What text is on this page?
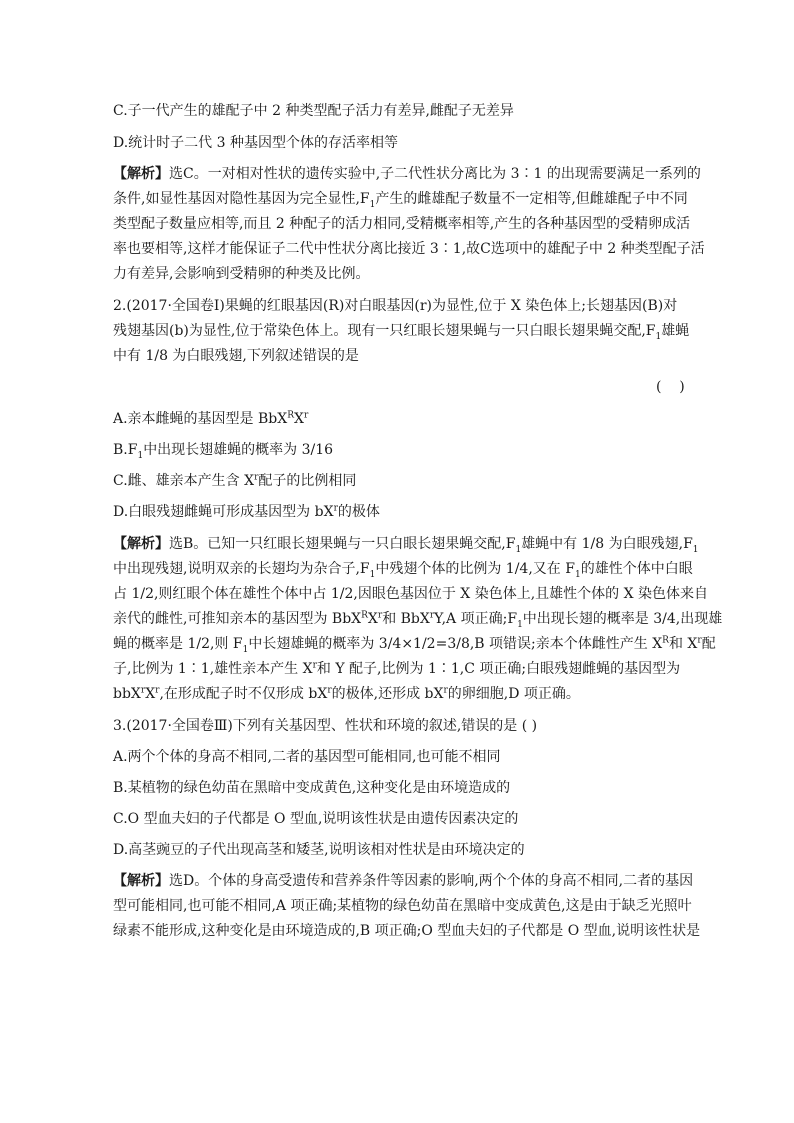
C.子一代产生的雄配子中 2 种类型配子活力有差异,雌配子无差异
D.统计时子二代 3 种基因型个体的存活率相等
【解析】选C。一对相对性状的遗传实验中,子二代性状分离比为 3∶1 的出现需要满足一系列的
条件,如显性基因对隐性基因为完全显性$,F_1$产生的雌雄配子数量不一定相等,但雌雄配子中不同
类型配子数量应相等,而且 2 种配子的活力相同,受精概率相等,产生的各种基因型的受精卵成活
率也要相等,这样才能保证子二代中性状分离比接近 3∶1,故C选项中的雄配子中 2 种类型配子活
力有差异,会影响到受精卵的种类及比例。
2.(2017·全国卷Ⅰ)果蝇的红眼基因(R)对白眼基因(r)为显性,位于 X 染色体上;长翅基因(B)对
残翅基因(b)为显性,位于常染色体上。现有一只红眼长翅果蝇与一只白眼长翅果蝇交配$,F_1$雄蝇
中有 1/8 为白眼残翅,下列叙述错误的是
(    )
A.亲本雌蝇的基因型是 $BbX^RX^r$
$B.F_1$中出现长翅雄蝇的概率为 3/16
C.雌、雄亲本产生含 $X^r$配子的比例相同
D.白眼残翅雌蝇可形成基因型为 $bX^r$的极体
【解析】选B。已知一只红眼长翅果蝇与一只白眼长翅果蝇交配$,F_1$雄蝇中有 1/8 为白眼残翅$,F_1$
中出现残翅,说明双亲的长翅均为杂合子$,F_1$中残翅个体的比例为 1/4,又在 $F_1$的雄性个体中白眼
占 1/2,则红眼个体在雄性个体中占 1/2,因眼色基因位于 X 染色体上,且雄性个体的 X 染色体来自
亲代的雌性,可推知亲本的基因型为 $BbX^RX^r$和 BbX$^r$Y,A 项正确$;F_1$中出现长翅的概率是 3/4,出现雄
蝇的概率是 1/2,则 $F_1$中长翅雄蝇的概率为 3/4×1/2=3/8,B 项错误;亲本个体雌性产生 $X^R$和 $X^r$配
子,比例为 1∶1,雄性亲本产生 $X^r$和 Y 配子,比例为 1∶1,C 项正确;白眼残翅雌蝇的基因型为
$bbX^rX^r$,在形成配子时不仅形成 $bX^r$的极体,还形成 $bX^r$的卵细胞,D 项正确。
3.(2017·全国卷Ⅲ)下列有关基因型、性状和环境的叙述,错误的是 ( )
A.两个个体的身高不相同,二者的基因型可能相同,也可能不相同
B.某植物的绿色幼苗在黑暗中变成黄色,这种变化是由环境造成的
C.O 型血夫妇的子代都是 O 型血,说明该性状是由遗传因素决定的
D.高茎豌豆的子代出现高茎和矮茎,说明该相对性状是由环境决定的
【解析】选D。个体的身高受遗传和营养条件等因素的影响,两个个体的身高不相同,二者的基因
型可能相同,也可能不相同,A 项正确;某植物的绿色幼苗在黑暗中变成黄色,这是由于缺乏光照叶
绿素不能形成,这种变化是由环境造成的,B 项正确;O 型血夫妇的子代都是 O 型血,说明该性状是
